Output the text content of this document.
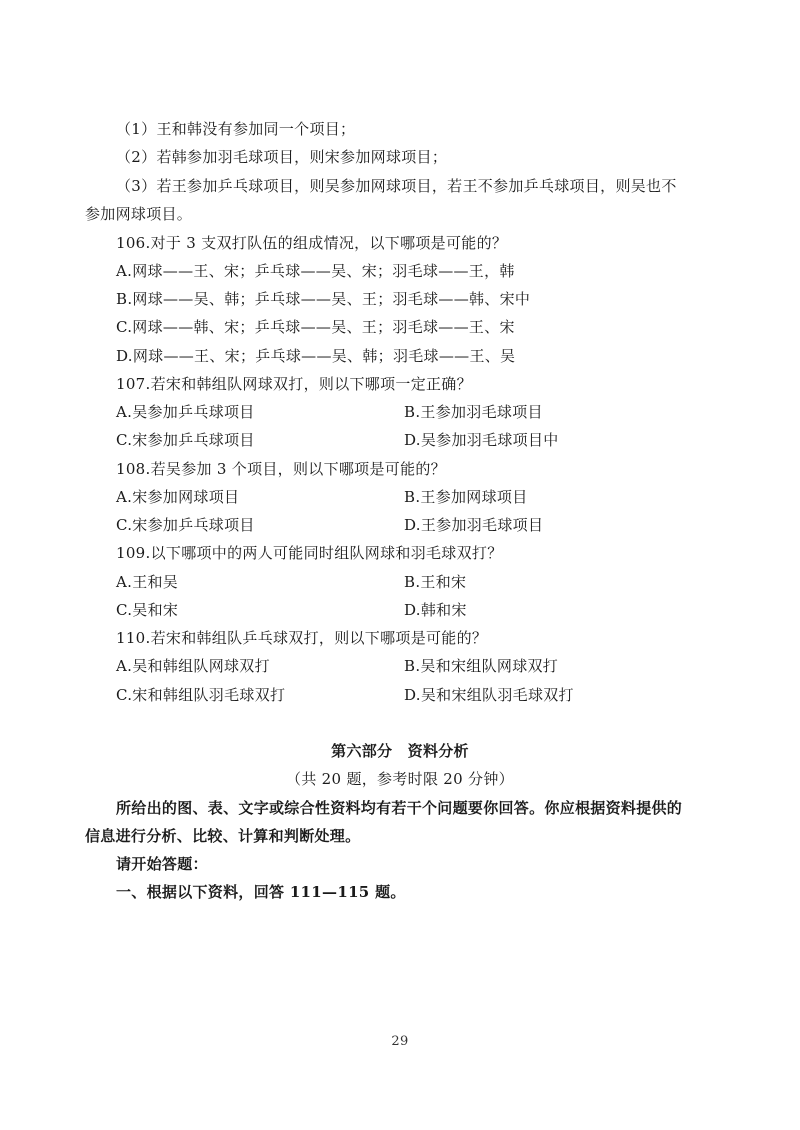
（1）王和韩没有参加同一个项目；
（2）若韩参加羽毛球项目，则宋参加网球项目；
（3）若王参加乒乓球项目，则吴参加网球项目，若王不参加乒乓球项目，则吴也不
参加网球项目。
106.对于 3 支双打队伍的组成情况，以下哪项是可能的？
A.网球——王、宋；乒乓球——吴、宋；羽毛球——王，韩
B.网球——吴、韩；乒乓球——吴、王；羽毛球——韩、宋中
C.网球——韩、宋；乒乓球——吴、王；羽毛球——王、宋
D.网球——王、宋；乒乓球——吴、韩；羽毛球——王、吴
107.若宋和韩组队网球双打，则以下哪项一定正确？
A.吴参加乒乓球项目	B.王参加羽毛球项目
C.宋参加乒乓球项目	D.吴参加羽毛球项目中
108.若吴参加 3 个项目，则以下哪项是可能的？
A.宋参加网球项目	B.王参加网球项目
C.宋参加乒乓球项目	D.王参加羽毛球项目
109.以下哪项中的两人可能同时组队网球和羽毛球双打？
A.王和吴	B.王和宋
C.吴和宋	D.韩和宋
110.若宋和韩组队乒乓球双打，则以下哪项是可能的？
A.吴和韩组队网球双打	B.吴和宋组队网球双打
C.宋和韩组队羽毛球双打	D.吴和宋组队羽毛球双打
第六部分　资料分析
（共 20 题，参考时限 20 分钟）
所给出的图、表、文字或综合性资料均有若干个问题要你回答。你应根据资料提供的
信息进行分析、比较、计算和判断处理。
请开始答题：
一、根据以下资料，回答 111—115 题。
29
